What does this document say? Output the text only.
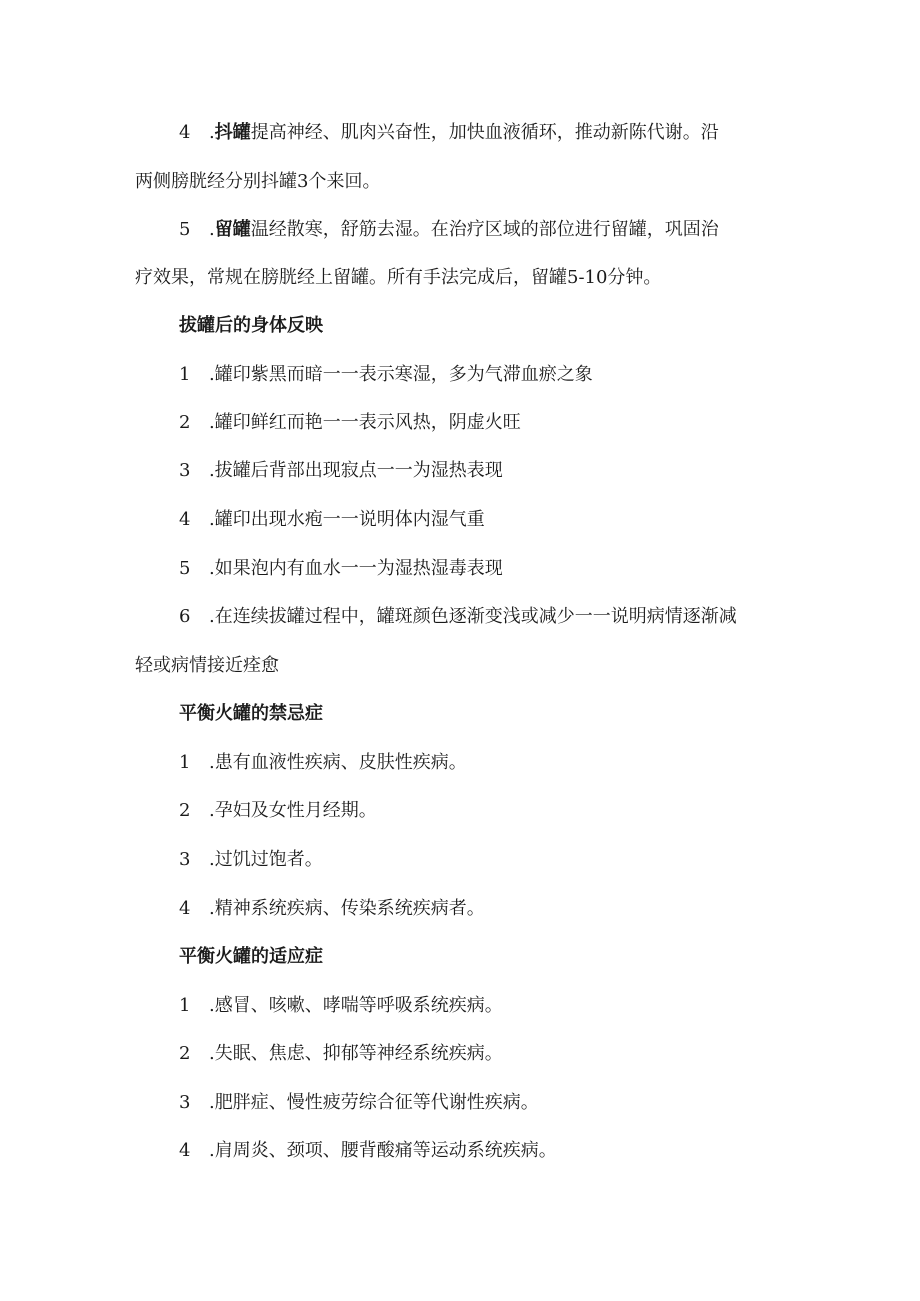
4 .抖罐提高神经、肌肉兴奋性，加快血液循环，推动新陈代谢。沿
两侧膀胱经分别抖罐3个来回。
5 .留罐温经散寒，舒筋去湿。在治疗区域的部位进行留罐，巩固治
疗效果，常规在膀胱经上留罐。所有手法完成后，留罐5-10分钟。
拔罐后的身体反映
1 .罐印紫黑而暗一一表示寒湿，多为气滞血瘀之象
2 .罐印鲜红而艳一一表示风热，阴虚火旺
3 .拔罐后背部出现寂点一一为湿热表现
4 .罐印出现水疱一一说明体内湿气重
5 .如果泡内有血水一一为湿热湿毒表现
6 .在连续拔罐过程中，罐斑颜色逐渐变浅或减少一一说明病情逐渐减
轻或病情接近痊愈
平衡火罐的禁忌症
1 .患有血液性疾病、皮肤性疾病。
2 .孕妇及女性月经期。
3 .过饥过饱者。
4 .精神系统疾病、传染系统疾病者。
平衡火罐的适应症
1 .感冒、咳嗽、哮喘等呼吸系统疾病。
2 .失眠、焦虑、抑郁等神经系统疾病。
3 .肥胖症、慢性疲劳综合征等代谢性疾病。
4 .肩周炎、颈项、腰背酸痛等运动系统疾病。
